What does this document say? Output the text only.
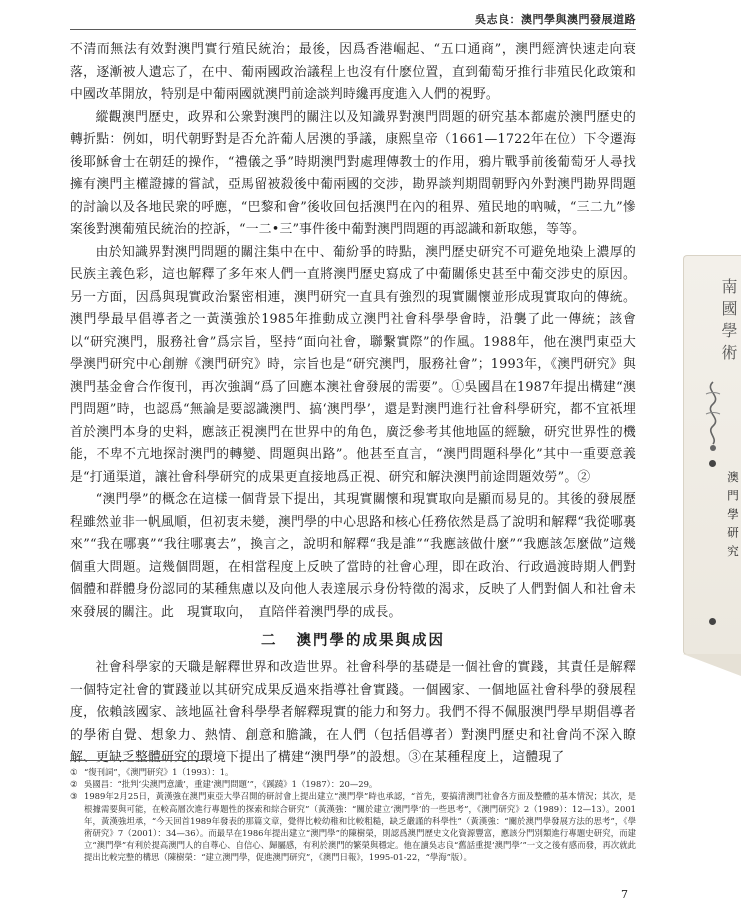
吳志良：澳門學與澳門發展道路

不清而無法有效對澳門實行殖民統治；最後，因爲香港崛起、“五口通商”，澳門經濟快速走向衰落，逐漸被人遺忘了，在中、葡兩國政治議程上也沒有什麽位置，直到葡萄牙推行非殖民化政策和中國改革開放，特别是中葡兩國就澳門前途談判時纔再度進入人們的視野。

縱觀澳門歷史，政界和公衆對澳門的關注以及知識界對澳門問題的研究基本都處於澳門歷史的轉折點：例如，明代朝野對是否允許葡人居澳的爭議，康熙皇帝（1661—1722年在位）下令遷海後耶穌會士在朝廷的操作，“禮儀之爭”時期澳門對處理傳教士的作用，鴉片戰爭前後葡萄牙人尋找擁有澳門主權證據的嘗試，亞馬留被殺後中葡兩國的交涉，勘界談判期間朝野內外對澳門勘界問題的討論以及各地民衆的呼應，“巴黎和會”後收回包括澳門在內的租界、殖民地的吶喊，“三二九”慘案後對澳葡殖民統治的控訴，“一二•三”事件後中葡對澳門問題的再認識和新取態，等等。

由於知識界對澳門問題的關注集中在中、葡紛爭的時點，澳門歷史研究不可避免地染上濃厚的民族主義色彩，這也解釋了多年來人們一直將澳門歷史寫成了中葡關係史甚至中葡交涉史的原因。另一方面，因爲與現實政治緊密相連，澳門研究一直具有強烈的現實關懷並形成現實取向的傳統。澳門學最早倡導者之一黃漢強於1985年推動成立澳門社會科學學會時，沿襲了此一傳統；該會以“研究澳門，服務社會”爲宗旨，堅持“面向社會，聯繫實際”的作風。1988年，他在澳門東亞大學澳門研究中心創辦《澳門研究》時，宗旨也是“研究澳門，服務社會”；1993年，《澳門研究》與澳門基金會合作復刊，再次強調“爲了回應本澳社會發展的需要”。①吳國昌在1987年提出構建“澳門問題”時，也認爲“無論是要認識澳門、搞‘澳門學’，還是對澳門進行社會科學研究，都不宜祇埋首於澳門本身的史料，應該正視澳門在世界中的角色，廣泛參考其他地區的經驗，研究世界性的機能，不卑不亢地探討澳門的轉變、問題與出路”。他甚至直言，“澳門問題科學化”其中一重要意義是“打通渠道，讓社會科學研究的成果更直接地爲正視、研究和解決澳門前途問題效勞”。②

“澳門學”的概念在這樣一個背景下提出，其現實關懷和現實取向是顯而易見的。其後的發展歷程雖然並非一帆風順，但初衷未變，澳門學的中心思路和核心任務依然是爲了說明和解釋“我從哪裏來”“我在哪裏”“我往哪裏去”，換言之，說明和解釋“我是誰”“我應該做什麼”“我應該怎麼做”這幾個重大問題。這幾個問題，在相當程度上反映了當時的社會心理，即在政治、行政過渡時期人們對個體和群體身份認同的某種焦慮以及向他人表達展示身份特徵的渴求，反映了人們對個人和社會未來發展的關注。此　現實取向，　直陪伴着澳門學的成長。

二 澳門學的成果與成因

社會科學家的天職是解釋世界和改造世界。社會科學的基礎是一個社會的實踐，其責任是解釋一個特定社會的實踐並以其研究成果反過來指導社會實踐。一個國家、一個地區社會科學的發展程度，依賴該國家、該地區社會科學學者解釋現實的能力和努力。我們不得不佩服澳門學早期倡導者的學術自覺、想象力、熱情、創意和膽識，在人們（包括倡導者）對澳門歷史和社會尚不深入瞭解、更缺乏整體研究的環境下提出了構建“澳門學”的設想。③在某種程度上，這體現了

① “復刊詞”，《澳門研究》1（1993）：1。
② 吳國昌：“批判‘尖澳門意識’，重建‘澳門問題’”，《蹊蹺》1（1987）：20—29。
③ 1989年2月25日，黃漢強在澳門東亞大學召開的研討會上提出建立“澳門學”時也承認，“首先，要搞清澳門社會各方面及整體的基本情況；其次，是根據需要與可能，在較高層次進行專題性的探索和綜合研究”（黃漢強：“關於建立‘澳門學’的一些思考”，《澳門研究》2（1989）：12—13）。2001年，黃漢強坦承，“今天回首1989年發表的那篇文章，覺得比較幼稚和比較粗糙，缺乏嚴謹的科學性”（黃漢強：“關於澳門學發展方法的思考”，《學術研究》7（2001）：34—36）。而最早在1986年提出建立“澳門學”的陳樹榮，則認爲澳門歷史文化資源豐富，應該分門別類進行專題史研究，而建立“澳門學”有利於提高澳門人的自尊心、自信心、歸屬感，有利於澳門的繁榮與穩定。他在讀吳志良“舊話重提‘澳門學’”一文之後有感而發，再次就此提出比較完整的構思（陳樹榮：“建立澳門學，促進澳門研究”，《澳門日報》，1995-01-22，“學海”版）。
7
南國學術
澳門學研究
